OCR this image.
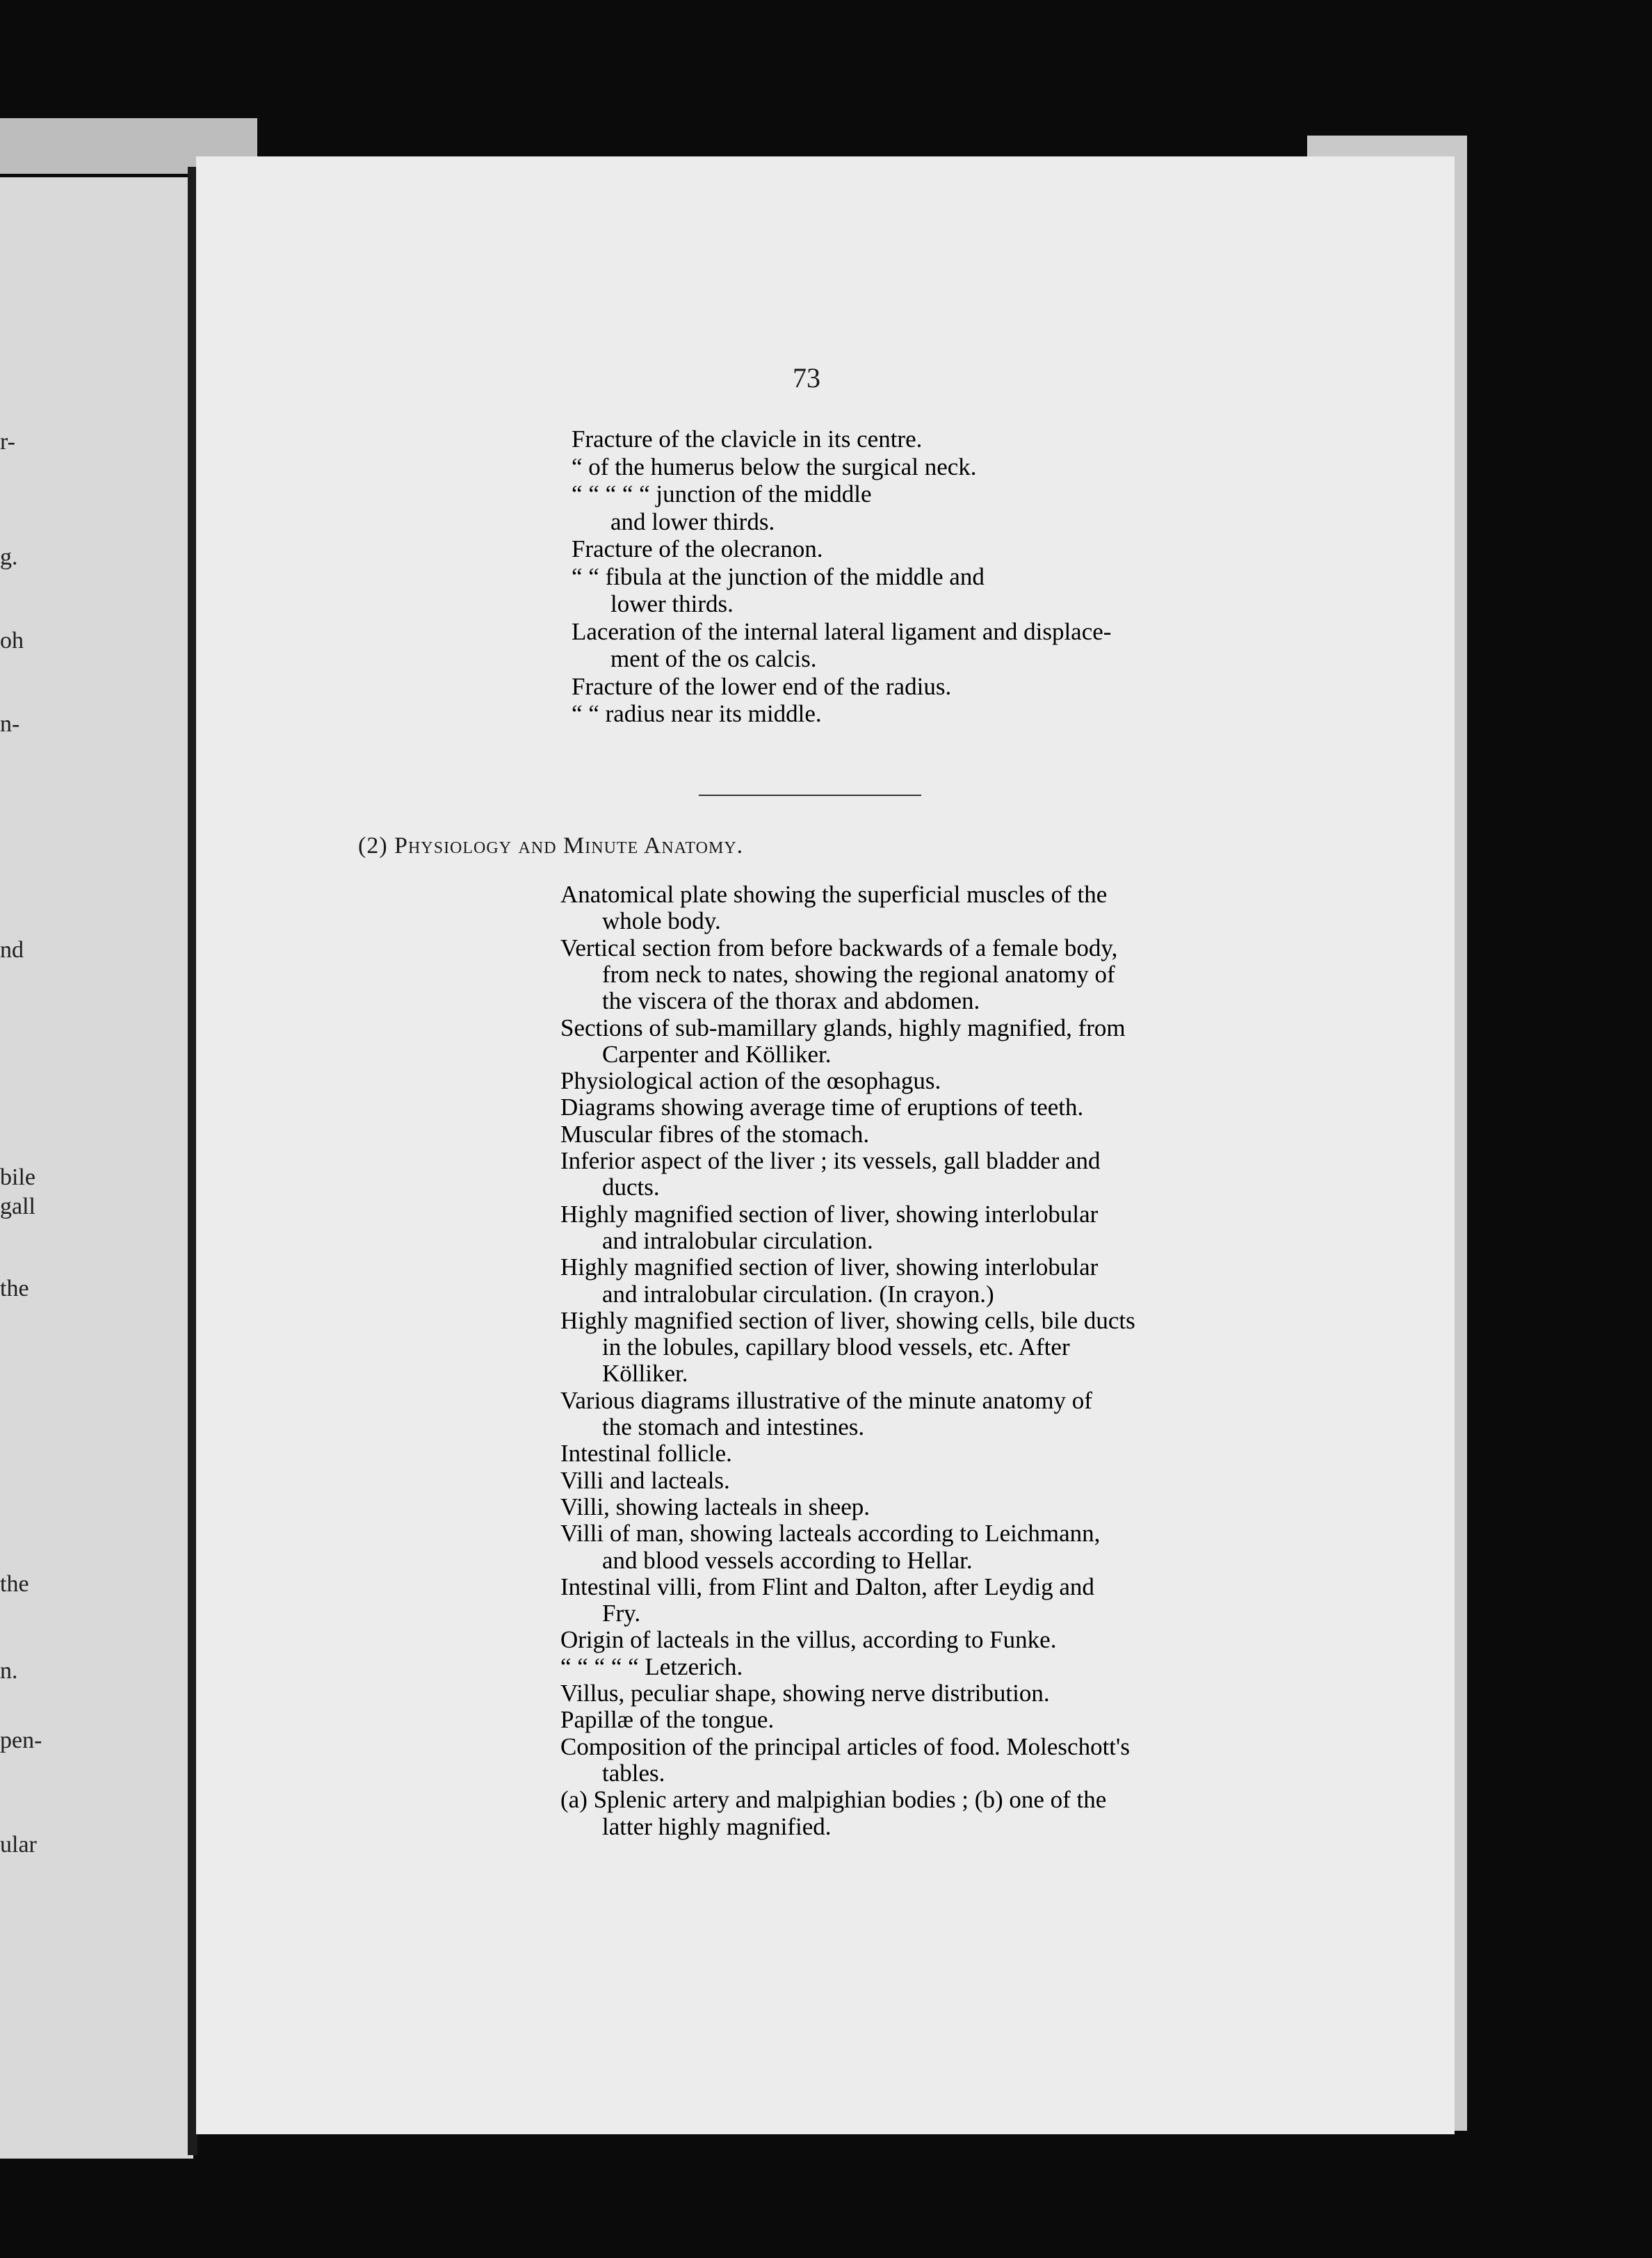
r-
g.
oh
n-
nd
bile
gall
the
the
n.
pen-
ular
73
Fracture of the clavicle in its centre.
“ of the humerus below the surgical neck.
“ “ “ “ “ junction of the middle
and lower thirds.
Fracture of the olecranon.
“ “ fibula at the junction of the middle and
lower thirds.
Laceration of the internal lateral ligament and displace-
ment of the os calcis.
Fracture of the lower end of the radius.
“ “ radius near its middle.
(2) Physiology and Minute Anatomy.
Anatomical plate showing the superficial muscles of the
whole body.
Vertical section from before backwards of a female body,
from neck to nates, showing the regional anatomy of
the viscera of the thorax and abdomen.
Sections of sub-mamillary glands, highly magnified, from
Carpenter and Kölliker.
Physiological action of the œsophagus.
Diagrams showing average time of eruptions of teeth.
Muscular fibres of the stomach.
Inferior aspect of the liver ; its vessels, gall bladder and
ducts.
Highly magnified section of liver, showing interlobular
and intralobular circulation.
Highly magnified section of liver, showing interlobular
and intralobular circulation. (In crayon.)
Highly magnified section of liver, showing cells, bile ducts
in the lobules, capillary blood vessels, etc. After
Kölliker.
Various diagrams illustrative of the minute anatomy of
the stomach and intestines.
Intestinal follicle.
Villi and lacteals.
Villi, showing lacteals in sheep.
Villi of man, showing lacteals according to Leichmann,
and blood vessels according to Hellar.
Intestinal villi, from Flint and Dalton, after Leydig and
Fry.
Origin of lacteals in the villus, according to Funke.
“ “ “ “ “ Letzerich.
Villus, peculiar shape, showing nerve distribution.
Papillæ of the tongue.
Composition of the principal articles of food. Moleschott's
tables.
(a) Splenic artery and malpighian bodies ; (b) one of the
latter highly magnified.
